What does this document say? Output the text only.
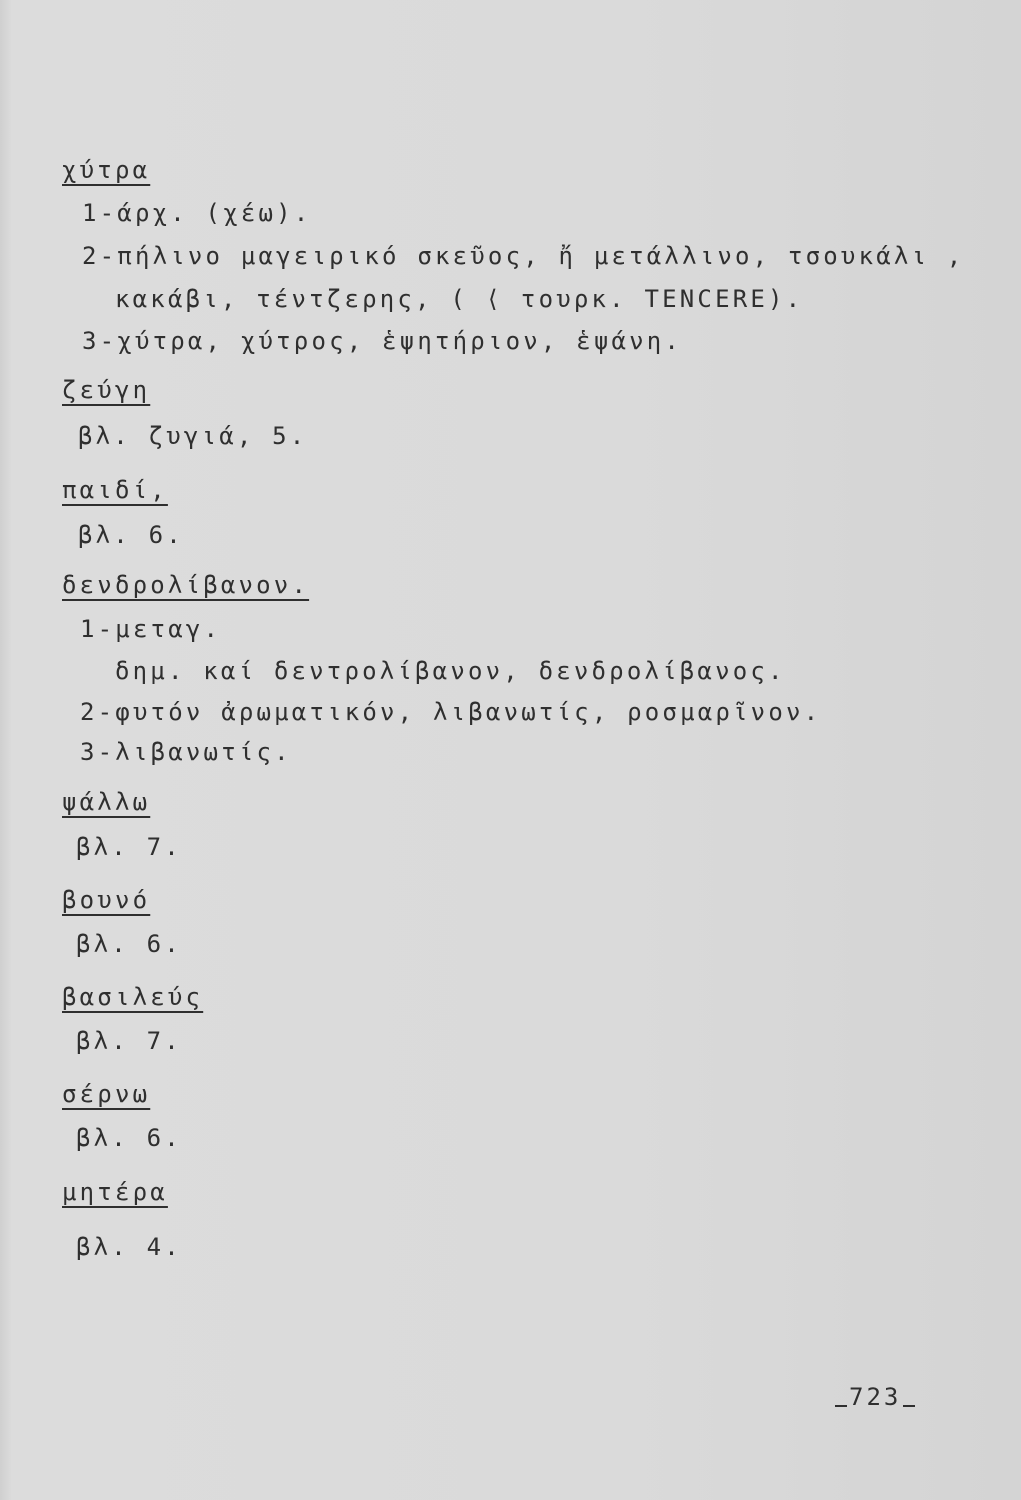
χύτρα
1-άρχ. (χέω).
2-πήλινο μαγειρικό σκεῦος, ἤ μετάλλινο, τσουκάλι ,
κακάβι, τέντζερης, ( ⟨ τουρκ. TENCERE).
3-χύτρα, χύτρος, ἑψητήριον, ἑψάνη.
ζεύγη
βλ. ζυγιά, 5.
παιδί,
βλ. 6.
δενδρολίβανον.
1-μεταγ.
δημ. καί δεντρολίβανον, δενδρολίβανος.
2-φυτόν ἀρωματικόν, λιβανωτίς, ροσμαρῖνον.
3-λιβανωτίς.
ψάλλω
βλ. 7.
βουνό
βλ. 6.
βασιλεύς
βλ. 7.
σέρνω
βλ. 6.
μητέρα
βλ. 4.
723
